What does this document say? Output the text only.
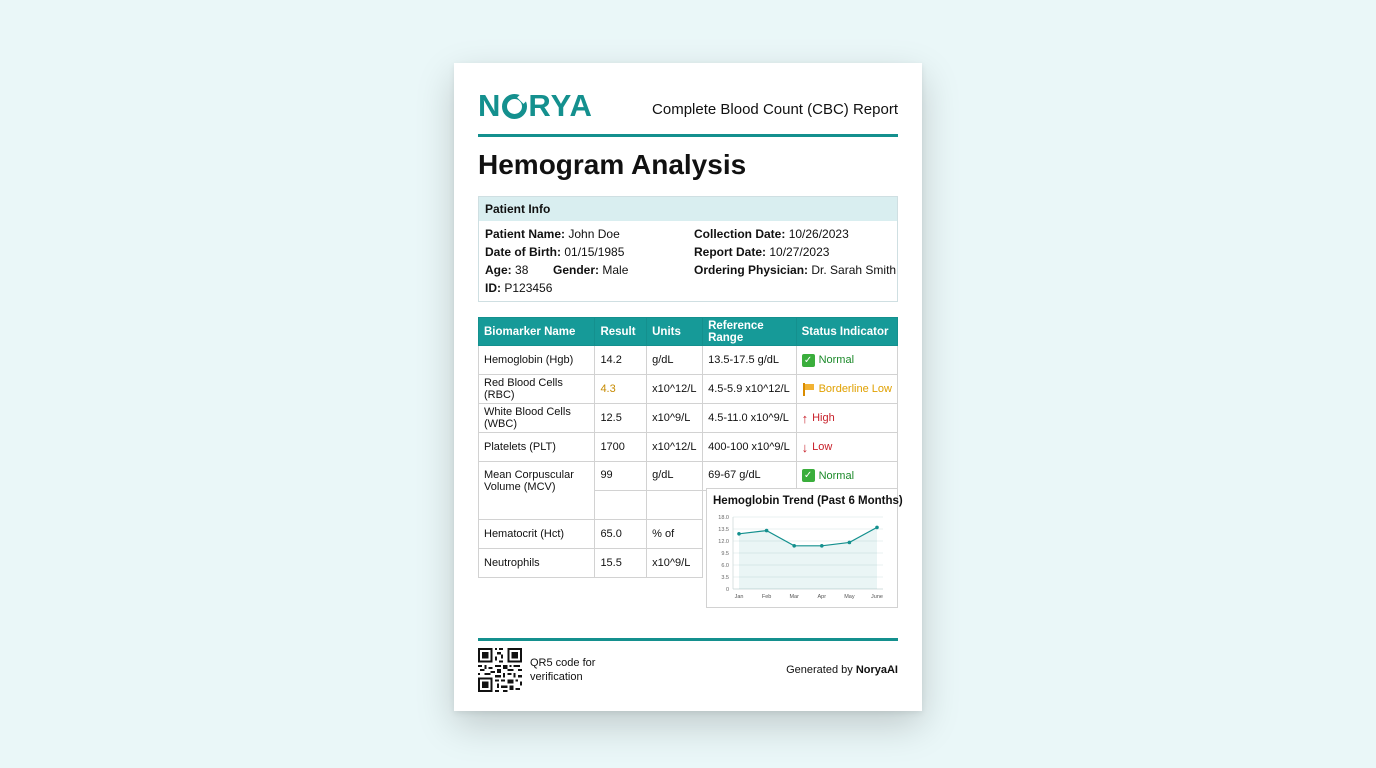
N RYA	Complete Blood Count (CBC) Report
Hemogram Analysis
Patient Info
Patient Name: John Doe
Date of Birth: 01/15/1985
Age: 38 Gender: Male
ID: P123456
Collection Date: 10/26/2023
Report Date: 10/27/2023
Ordering Physician: Dr. Sarah Smith
Biomarker Name	Result	Units	Reference Range	Status Indicator
Hemoglobin (Hgb)	14.2	g/dL	13.5-17.5 g/dL	✓ Normal

Red Blood Cells (RBC)	4.3	x10^12/L	4.5-5.9 x10^12/L	Borderline Low

White Blood Cells (WBC)	12.5	x10^9/L	4.5-11.0 x10^9/L	↑ High

Platelets (PLT)	1700	x10^12/L	400-100 x10^9/L	↓ Low

Mean Corpuscular Volume (MCV)	99	g/dL	69-67 g/dL	✓ Normal

Hematocrit (Hct)	65.0	% of		
Neutrophils	15.5	x10^9/L		
Hemoglobin Trend (Past 6 Months)
18.0
13.5
12.0
9.5
6.0
3.5
0
Jan	Feb	Mar	Apr	May	June
QR5 code for verification
Generated by NoryaAI
